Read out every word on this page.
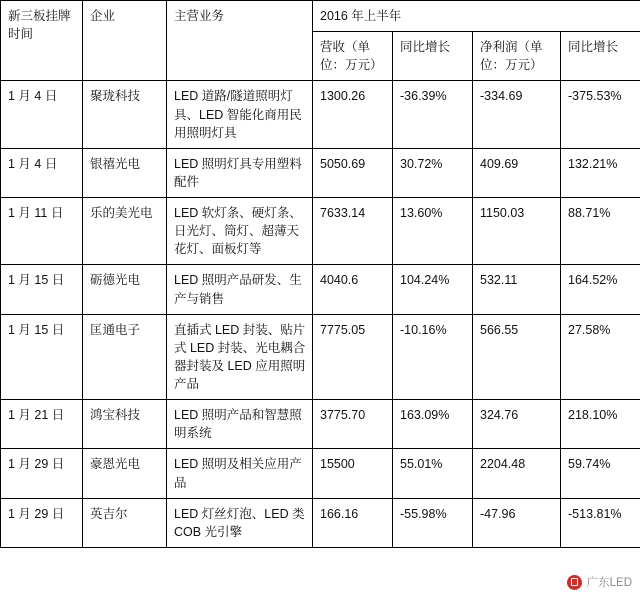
新三板挂牌时间	企业	主营业务	2016 年上半年			
			营收（单位：万元）	同比增长	净利润（单位：万元）	同比增长
1 月 4 日	聚珑科技	LED 道路/隧道照明灯具、LED 智能化商用民用照明灯具	1300.26	-36.39%	-334.69	-375.53%
1 月 4 日	银禧光电	LED 照明灯具专用塑料配件	5050.69	30.72%	409.69	132.21%
1 月 11 日	乐的美光电	LED 软灯条、硬灯条、日光灯、筒灯、超薄天花灯、面板灯等	7633.14	13.60%	1150.03	88.71%
1 月 15 日	砺德光电	LED 照明产品研发、生产与销售	4040.6	104.24%	532.11	164.52%
1 月 15 日	匡通电子	直插式 LED 封装、贴片式 LED 封装、光电耦合器封装及 LED 应用照明产品	7775.05	-10.16%	566.55	27.58%
1 月 21 日	鸿宝科技	LED 照明产品和智慧照明系统	3775.70	163.09%	324.76	218.10%
1 月 29 日	豪恩光电	LED 照明及相关应用产品	15500	55.01%	2204.48	59.74%
1 月 29 日	英吉尔	LED 灯丝灯泡、LED 类 COB 光引擎	166.16	-55.98%	-47.96	-513.81%
广东LED
